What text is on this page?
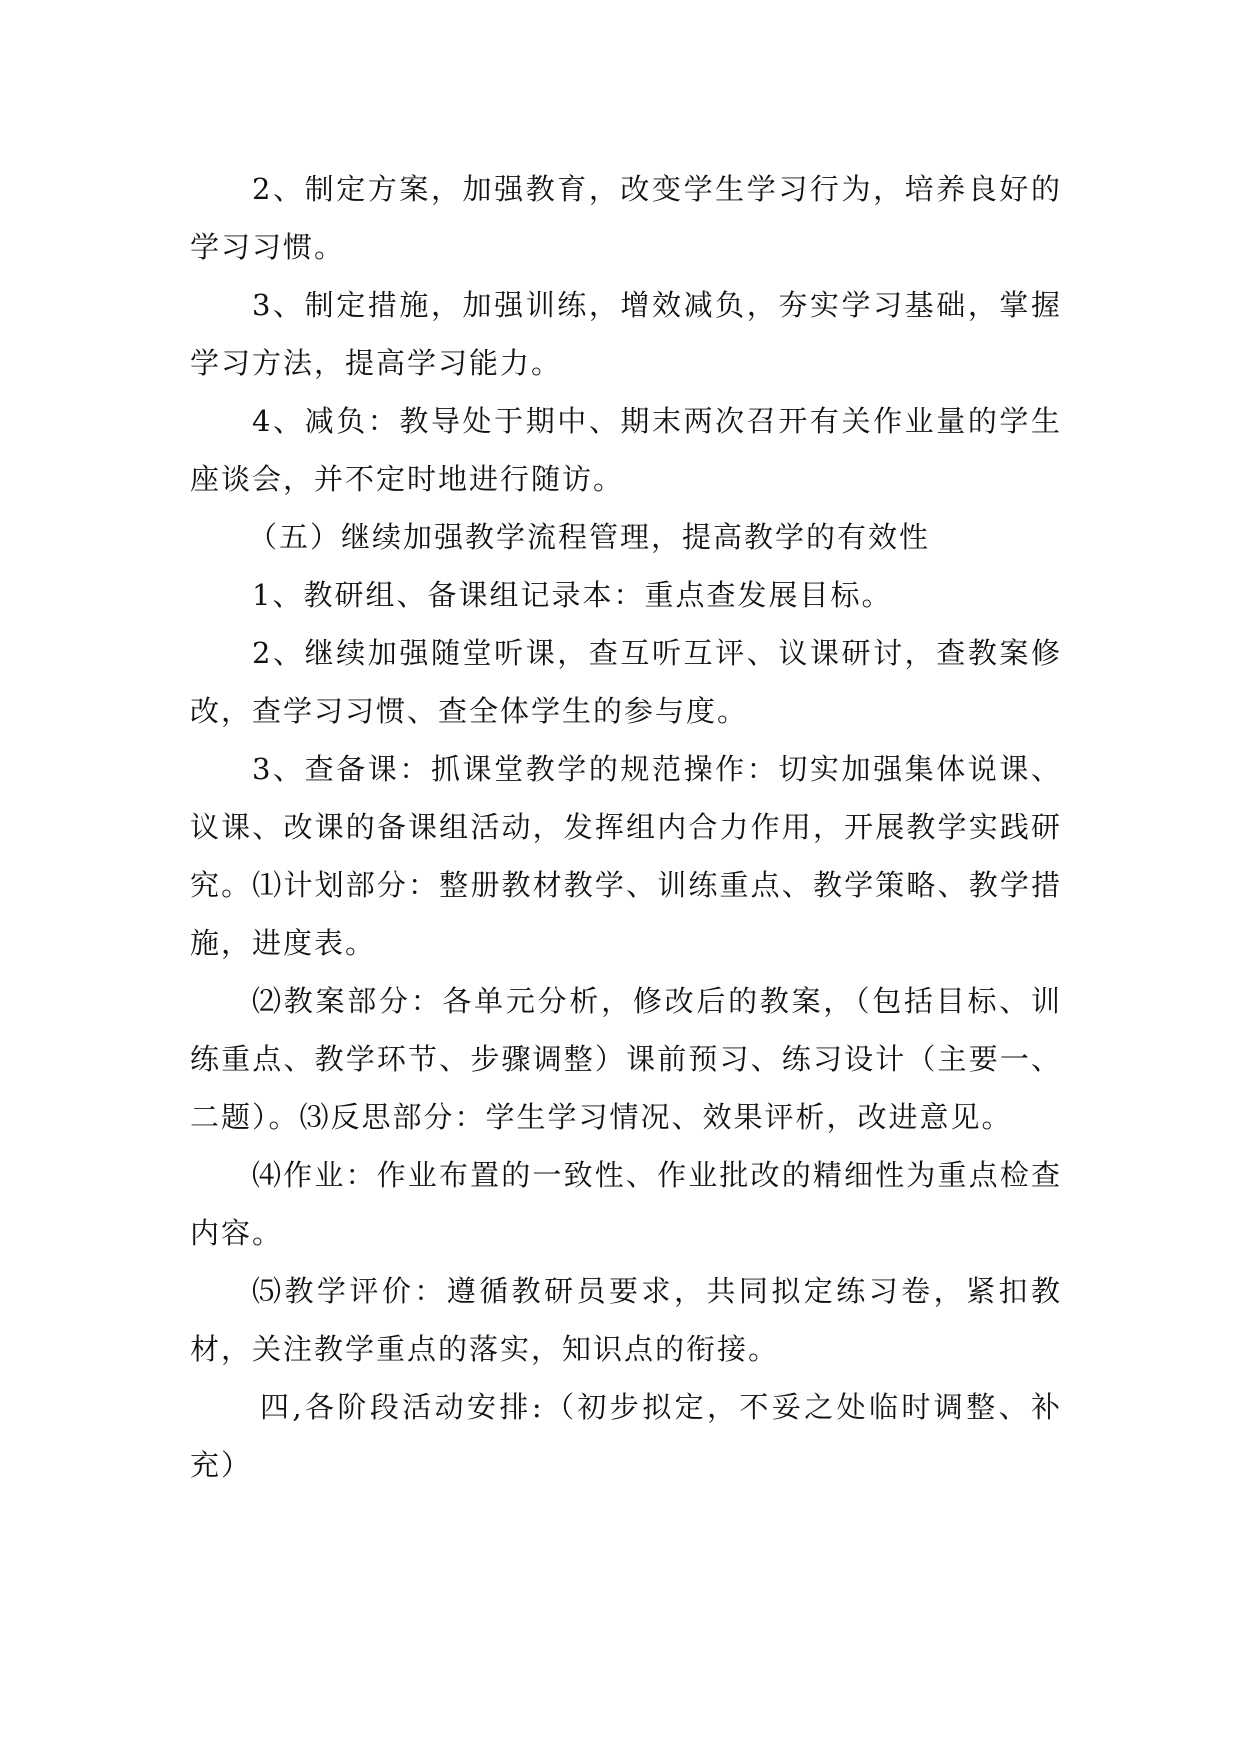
2、制定方案，加强教育，改变学生学习行为，培养良好的学习习惯。

3、制定措施，加强训练，增效减负，夯实学习基础，掌握学习方法，提高学习能力。

4、减负：教导处于期中、期末两次召开有关作业量的学生座谈会，并不定时地进行随访。

（五）继续加强教学流程管理，提高教学的有效性

1、教研组、备课组记录本：重点查发展目标。

2、继续加强随堂听课，查互听互评、议课研讨，查教案修改，查学习习惯、查全体学生的参与度。

3、查备课：抓课堂教学的规范操作：切实加强集体说课、议课、改课的备课组活动，发挥组内合力作用，开展教学实践研究。⑴计划部分：整册教材教学、训练重点、教学策略、教学措施，进度表。

⑵教案部分：各单元分析，修改后的教案，（包括目标、训练重点、教学环节、步骤调整）课前预习、练习设计（主要一、二题）。⑶反思部分：学生学习情况、效果评析，改进意见。

⑷作业：作业布置的一致性、作业批改的精细性为重点检查内容。

⑸教学评价：遵循教研员要求，共同拟定练习卷，紧扣教材，关注教学重点的落实，知识点的衔接。

四,各阶段活动安排:（初步拟定，不妥之处临时调整、补充）
